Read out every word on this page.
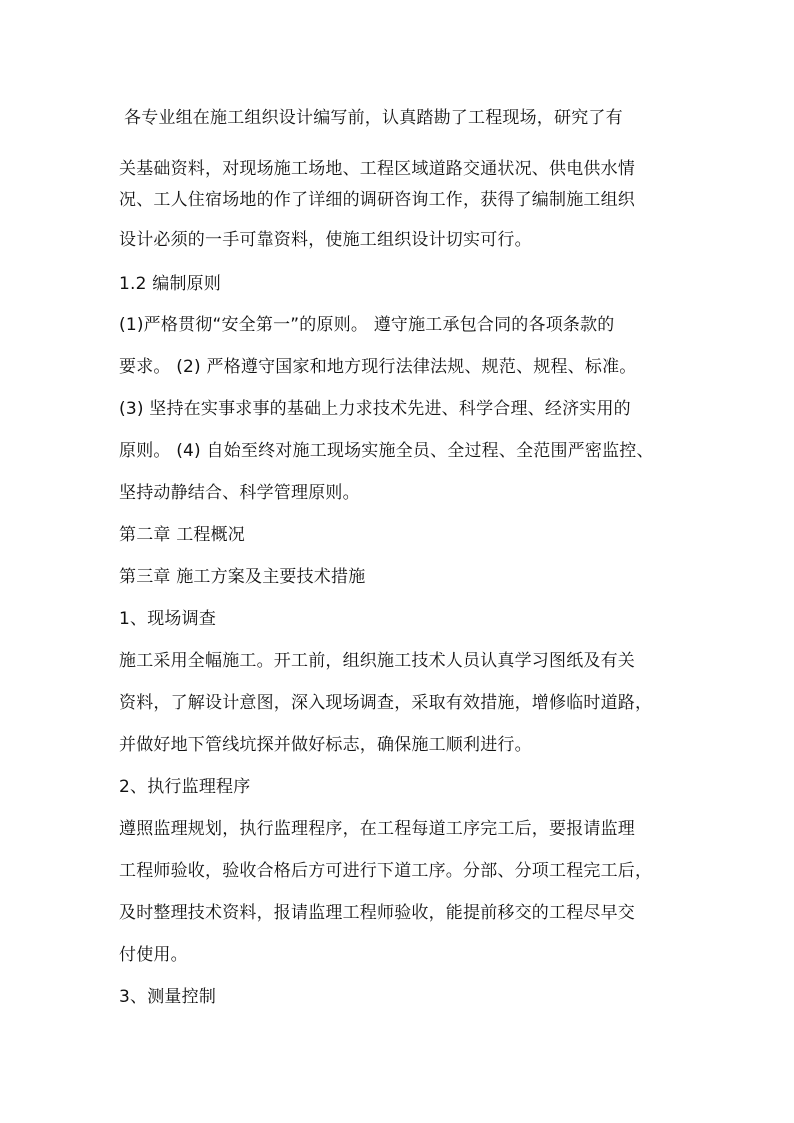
各专业组在施工组织设计编写前，认真踏勘了工程现场，研究了有
关基础资料，对现场施工场地、工程区域道路交通状况、供电供水情
况、工人住宿场地的作了详细的调研咨询工作，获得了编制施工组织
设计必须的一手可靠资料，使施工组织设计切实可行。
1.2 编制原则
(1)严格贯彻“安全第一”的原则。 遵守施工承包合同的各项条款的
要求。 (2) 严格遵守国家和地方现行法律法规、规范、规程、标准。
(3) 坚持在实事求事的基础上力求技术先进、科学合理、经济实用的
原则。 (4) 自始至终对施工现场实施全员、全过程、全范围严密监控、
坚持动静结合、科学管理原则。
第二章 工程概况
第三章 施工方案及主要技术措施
1、现场调查
施工采用全幅施工。开工前，组织施工技术人员认真学习图纸及有关
资料，了解设计意图，深入现场调查，采取有效措施，增修临时道路，
并做好地下管线坑探并做好标志，确保施工顺利进行。
2、执行监理程序
遵照监理规划，执行监理程序，在工程每道工序完工后，要报请监理
工程师验收，验收合格后方可进行下道工序。分部、分项工程完工后，
及时整理技术资料，报请监理工程师验收，能提前移交的工程尽早交
付使用。
3、测量控制
